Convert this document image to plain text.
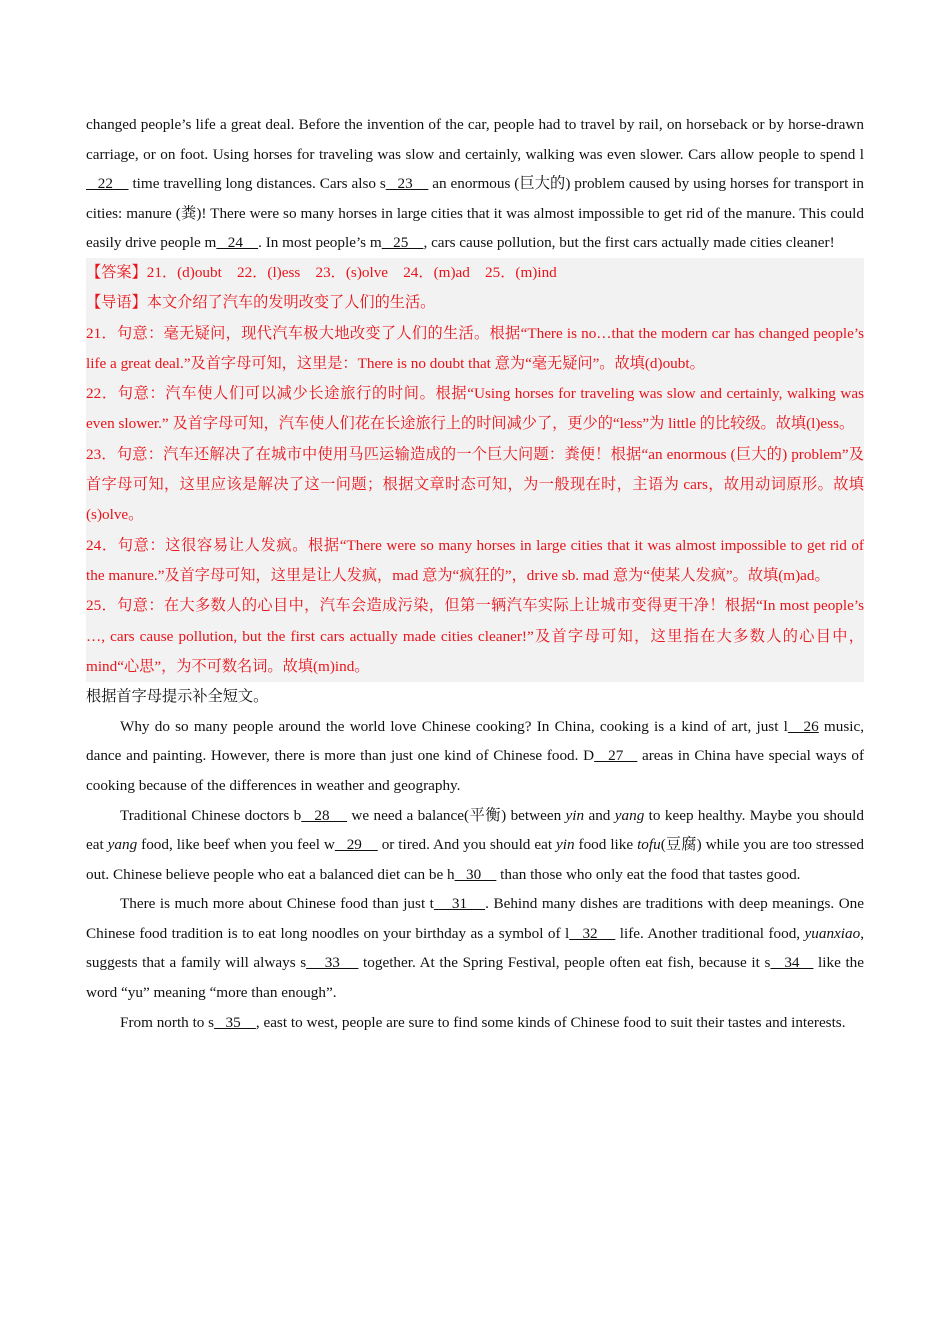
changed people’s life a great deal. Before the invention of the car, people had to travel by rail, on horseback or by horse-drawn carriage, or on foot. Using horses for traveling was slow and certainly, walking was even slower. Cars allow people to spend l   22     time travelling long distances. Cars also s   23     an enormous (巨大的) problem caused by using horses for transport in cities: manure (粪)! There were so many horses in large cities that it was almost impossible to get rid of the manure. This could easily drive people m   24    . In most people’s m   25    , cars cause pollution, but the first cars actually made cities cleaner!

【答案】21．(d)oubt　22．(l)ess　23．(s)olve　24．(m)ad　25．(m)ind

【导语】本文介绍了汽车的发明改变了人们的生活。

21．句意：毫无疑问，现代汽车极大地改变了人们的生活。根据“There is no…that the modern car has changed people’s life a great deal.”及首字母可知，这里是：There is no doubt that 意为“毫无疑问”。故填(d)oubt。

22．句意：汽车使人们可以减少长途旅行的时间。根据“Using horses for traveling was slow and certainly, walking was even slower.” 及首字母可知，汽车使人们花在长途旅行上的时间减少了，更少的“less”为 little 的比较级。故填(l)ess。

23．句意：汽车还解决了在城市中使用马匹运输造成的一个巨大问题：粪便！根据“an enormous (巨大的) problem”及首字母可知，这里应该是解决了这一问题；根据文章时态可知，为一般现在时，主语为 cars，故用动词原形。故填(s)olve。

24．句意：这很容易让人发疯。根据“There were so many horses in large cities that it was almost impossible to get rid of the manure.”及首字母可知，这里是让人发疯，mad 意为“疯狂的”，drive sb. mad 意为“使某人发疯”。故填(m)ad。

25．句意：在大多数人的心目中，汽车会造成污染，但第一辆汽车实际上让城市变得更干净！根据“In most people’s …, cars cause pollution, but the first cars actually made cities cleaner!”及首字母可知，这里指在大多数人的心目中，mind“心思”，为不可数名词。故填(m)ind。

根据首字母提示补全短文。

Why do so many people around the world love Chinese cooking? In China, cooking is a kind of art, just l   26 music, dance and painting. However, there is more than just one kind of Chinese food. D   27    areas in China have special ways of cooking because of the differences in weather and geography.

Traditional Chinese doctors b   28     we need a balance(平衡) between yin and yang to keep healthy. Maybe you should eat yang food, like beef when you feel w   29     or tired. And you should eat yin food like tofu(豆腐) while you are too stressed out. Chinese believe people who eat a balanced diet can be h   30     than those who only eat the food that tastes good.

There is much more about Chinese food than just t    31    . Behind many dishes are traditions with deep meanings. One Chinese food tradition is to eat long noodles on your birthday as a symbol of l   32     life. Another traditional food, yuanxiao, suggests that a family will always s    33     together. At the Spring Festival, people often eat fish, because it s   34    like the word “yu” meaning “more than enough”.

From north to s   35    , east to west, people are sure to find some kinds of Chinese food to suit their tastes and interests.
